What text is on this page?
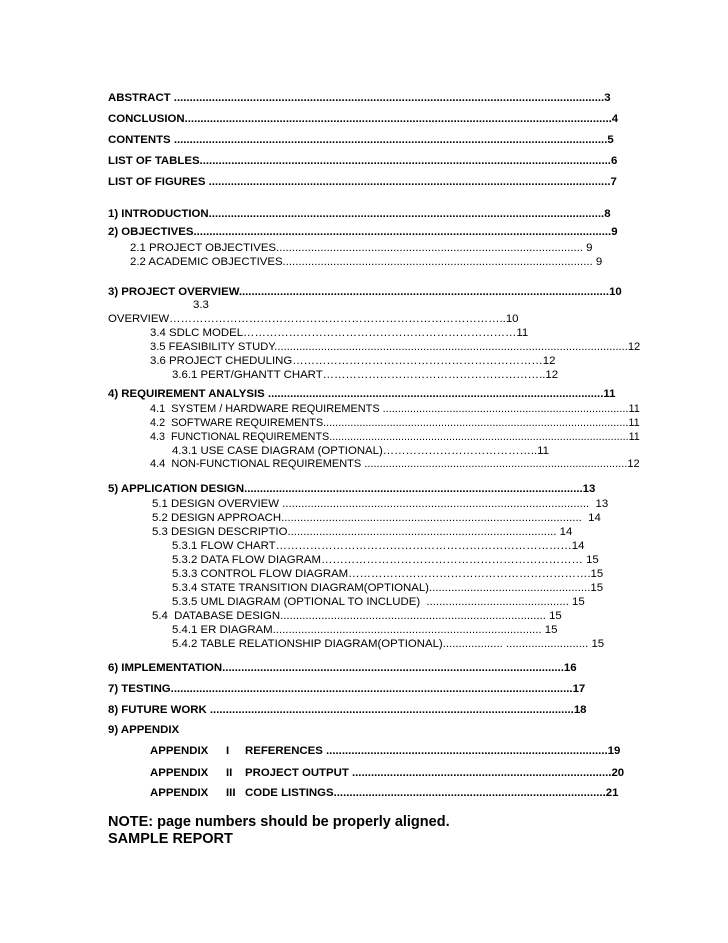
ABSTRACT ........................................................................................................................................3
CONCLUSION.......................................................................................................................................4
CONTENTS .........................................................................................................................................5
LIST OF TABLES..................................................................................................................................6
LIST OF FIGURES ...............................................................................................................................7
1) INTRODUCTION.............................................................................................................................8
2) OBJECTIVES....................................................................................................................................9
2.1 PROJECT OBJECTIVES................................................................................................. 9
2.2 ACADEMIC OBJECTIVES.................................................................................................. 9
3) PROJECT OVERVIEW.....................................................................................................................10
3.3
OVERVIEW……………………………………………………………………………..10
3.4 SDLC MODEL………………………………………………………………11
3.5 FEASIBILITY STUDY..................................................................................................................12
3.6 PROJECT CHEDULING…………………………………………………………12
3.6.1 PERT/GHANTT CHART…………………………………………………..12
4) REQUIREMENT ANALYSIS ..........................................................................................................11
4.1  SYSTEM / HARDWARE REQUIREMENTS .................................................................................11
4.2  SOFTWARE REQUIREMENTS.....................................................................................................11
4.3  FUNCTIONAL REQUIREMENTS....................................................................................................11
4.3.1 USE CASE DIAGRAM (OPTIONAL)…………………………………..11
4.4  NON-FUNCTIONAL REQUIREMENTS ......................................................................................12
5) APPLICATION DESIGN...........................................................................................................13
5.1 DESIGN OVERVIEW .................................................................................................  13
5.2 DESIGN APPROACH...............................................................................................  14
5.3 DESIGN DESCRIPTIO..................................................................................... 14
5.3.1 FLOW CHART……………………………………………………………………14
5.3.2 DATA FLOW DIAGRAM…………………………………………………………… 15
5.3.3 CONTROL FLOW DIAGRAM……………………………………………………….15
5.3.4 STATE TRANSITION DIAGRAM(OPTIONAL)...................................................15
5.3.5 UML DIAGRAM (OPTIONAL TO INCLUDE)  ............................................. 15
5.4  DATABASE DESIGN.................................................................................... 15
5.4.1 ER DIAGRAM..................................................................................... 15
5.4.2 TABLE RELATIONSHIP DIAGRAM(OPTIONAL)................... .......................... 15
6) IMPLEMENTATION............................................................................................................16
7) TESTING...............................................................................................................................17
8) FUTURE WORK ...................................................................................................................18
9) APPENDIX
APPENDIX I REFERENCES .........................................................................................19
APPENDIX II PROJECT OUTPUT ..................................................................................20
APPENDIX III CODE LISTINGS......................................................................................21
NOTE: page numbers should be properly aligned.
SAMPLE REPORT
